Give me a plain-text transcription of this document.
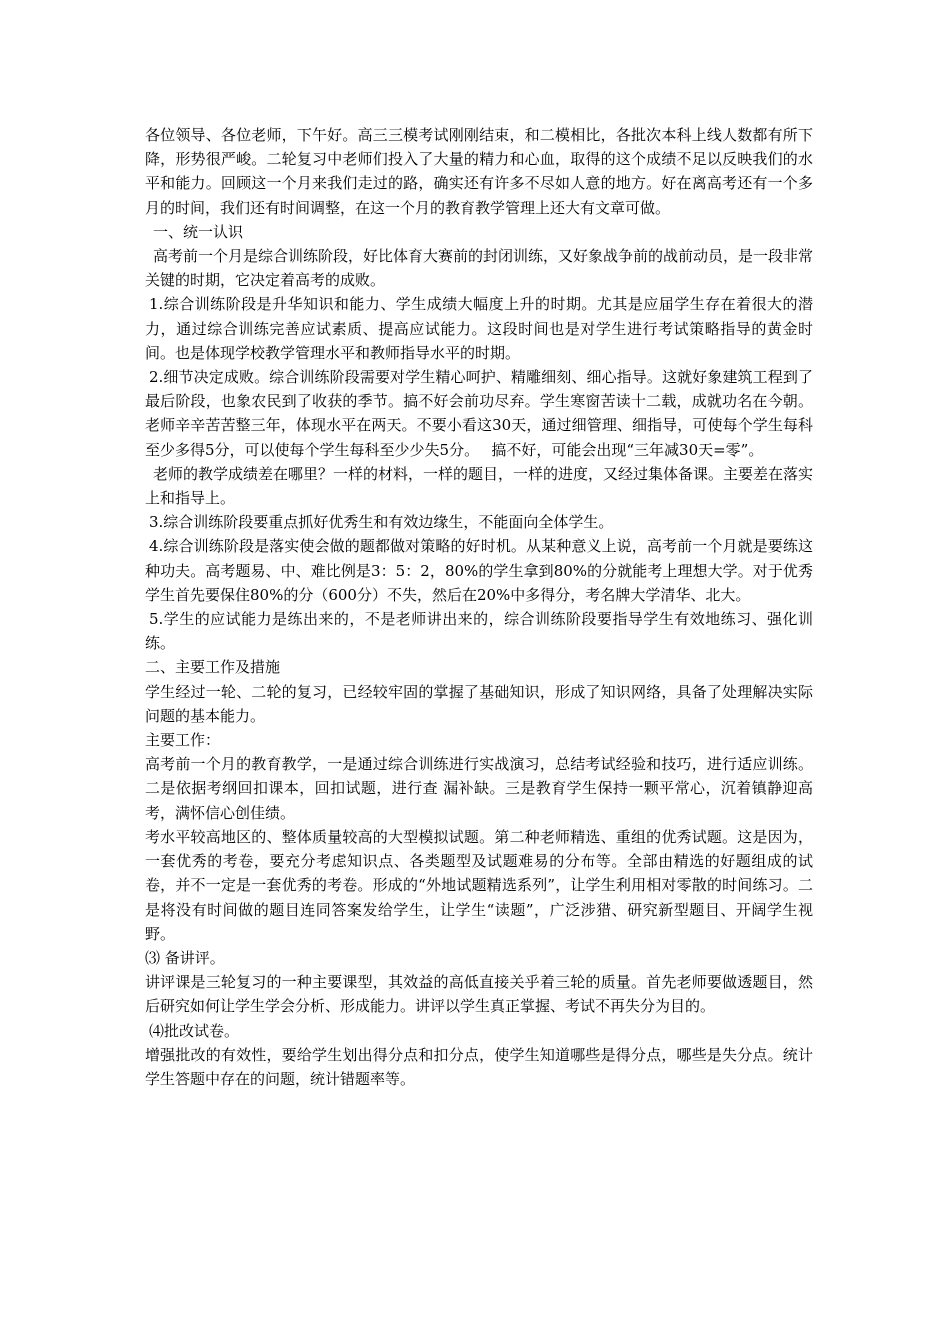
各位领导、各位老师，下午好。高三三模考试刚刚结束，和二模相比，各批次本科上线人数都有所下降，形势很严峻。二轮复习中老师们投入了大量的精力和心血，取得的这个成绩不足以反映我们的水平和能力。回顾这一个月来我们走过的路，确实还有许多不尽如人意的地方。好在离高考还有一个多月的时间，我们还有时间调整，在这一个月的教育教学管理上还大有文章可做。

一、统一认识

高考前一个月是综合训练阶段，好比体育大赛前的封闭训练，又好象战争前的战前动员，是一段非常关键的时期，它决定着高考的成败。

1.综合训练阶段是升华知识和能力、学生成绩大幅度上升的时期。尤其是应届学生存在着很大的潜力，通过综合训练完善应试素质、提高应试能力。这段时间也是对学生进行考试策略指导的黄金时间。也是体现学校教学管理水平和教师指导水平的时期。

2.细节决定成败。综合训练阶段需要对学生精心呵护、精雕细刻、细心指导。这就好象建筑工程到了最后阶段，也象农民到了收获的季节。搞不好会前功尽弃。学生寒窗苦读十二载，成就功名在今朝。老师辛辛苦苦整三年，体现水平在两天。不要小看这30天，通过细管理、细指导，可使每个学生每科至少多得5分，可以使每个学生每科至少少失5分。　 搞不好，可能会出现“三年减30天=零”。

老师的教学成绩差在哪里？一样的材料，一样的题目，一样的进度，又经过集体备课。主要差在落实上和指导上。

3.综合训练阶段要重点抓好优秀生和有效边缘生，不能面向全体学生。

4.综合训练阶段是落实使会做的题都做对策略的好时机。从某种意义上说，高考前一个月就是要练这种功夫。高考题易、中、难比例是3：5：2，80%的学生拿到80%的分就能考上理想大学。对于优秀学生首先要保住80%的分（600分）不失，然后在20%中多得分，考名牌大学清华、北大。

5.学生的应试能力是练出来的，不是老师讲出来的，综合训练阶段要指导学生有效地练习、强化训练。

二、主要工作及措施

学生经过一轮、二轮的复习，已经较牢固的掌握了基础知识，形成了知识网络，具备了处理解决实际问题的基本能力。

主要工作：

高考前一个月的教育教学，一是通过综合训练进行实战演习，总结考试经验和技巧，进行适应训练。二是依据考纲回扣课本，回扣试题，进行查 漏补缺。三是教育学生保持一颗平常心，沉着镇静迎高考，满怀信心创佳绩。

考水平较高地区的、整体质量较高的大型模拟试题。第二种老师精选、重组的优秀试题。这是因为，一套优秀的考卷，要充分考虑知识点、各类题型及试题难易的分布等。全部由精选的好题组成的试卷，并不一定是一套优秀的考卷。形成的“外地试题精选系列”，让学生利用相对零散的时间练习。二是将没有时间做的题目连同答案发给学生，让学生“读题”，广泛涉猎、研究新型题目、开阔学生视野。

⑶ 备讲评。

讲评课是三轮复习的一种主要课型，其效益的高低直接关乎着三轮的质量。首先老师要做透题目，然后研究如何让学生学会分析、形成能力。讲评以学生真正掌握、考试不再失分为目的。

⑷批改试卷。

增强批改的有效性，要给学生划出得分点和扣分点，使学生知道哪些是得分点，哪些是失分点。统计学生答题中存在的问题，统计错题率等。
